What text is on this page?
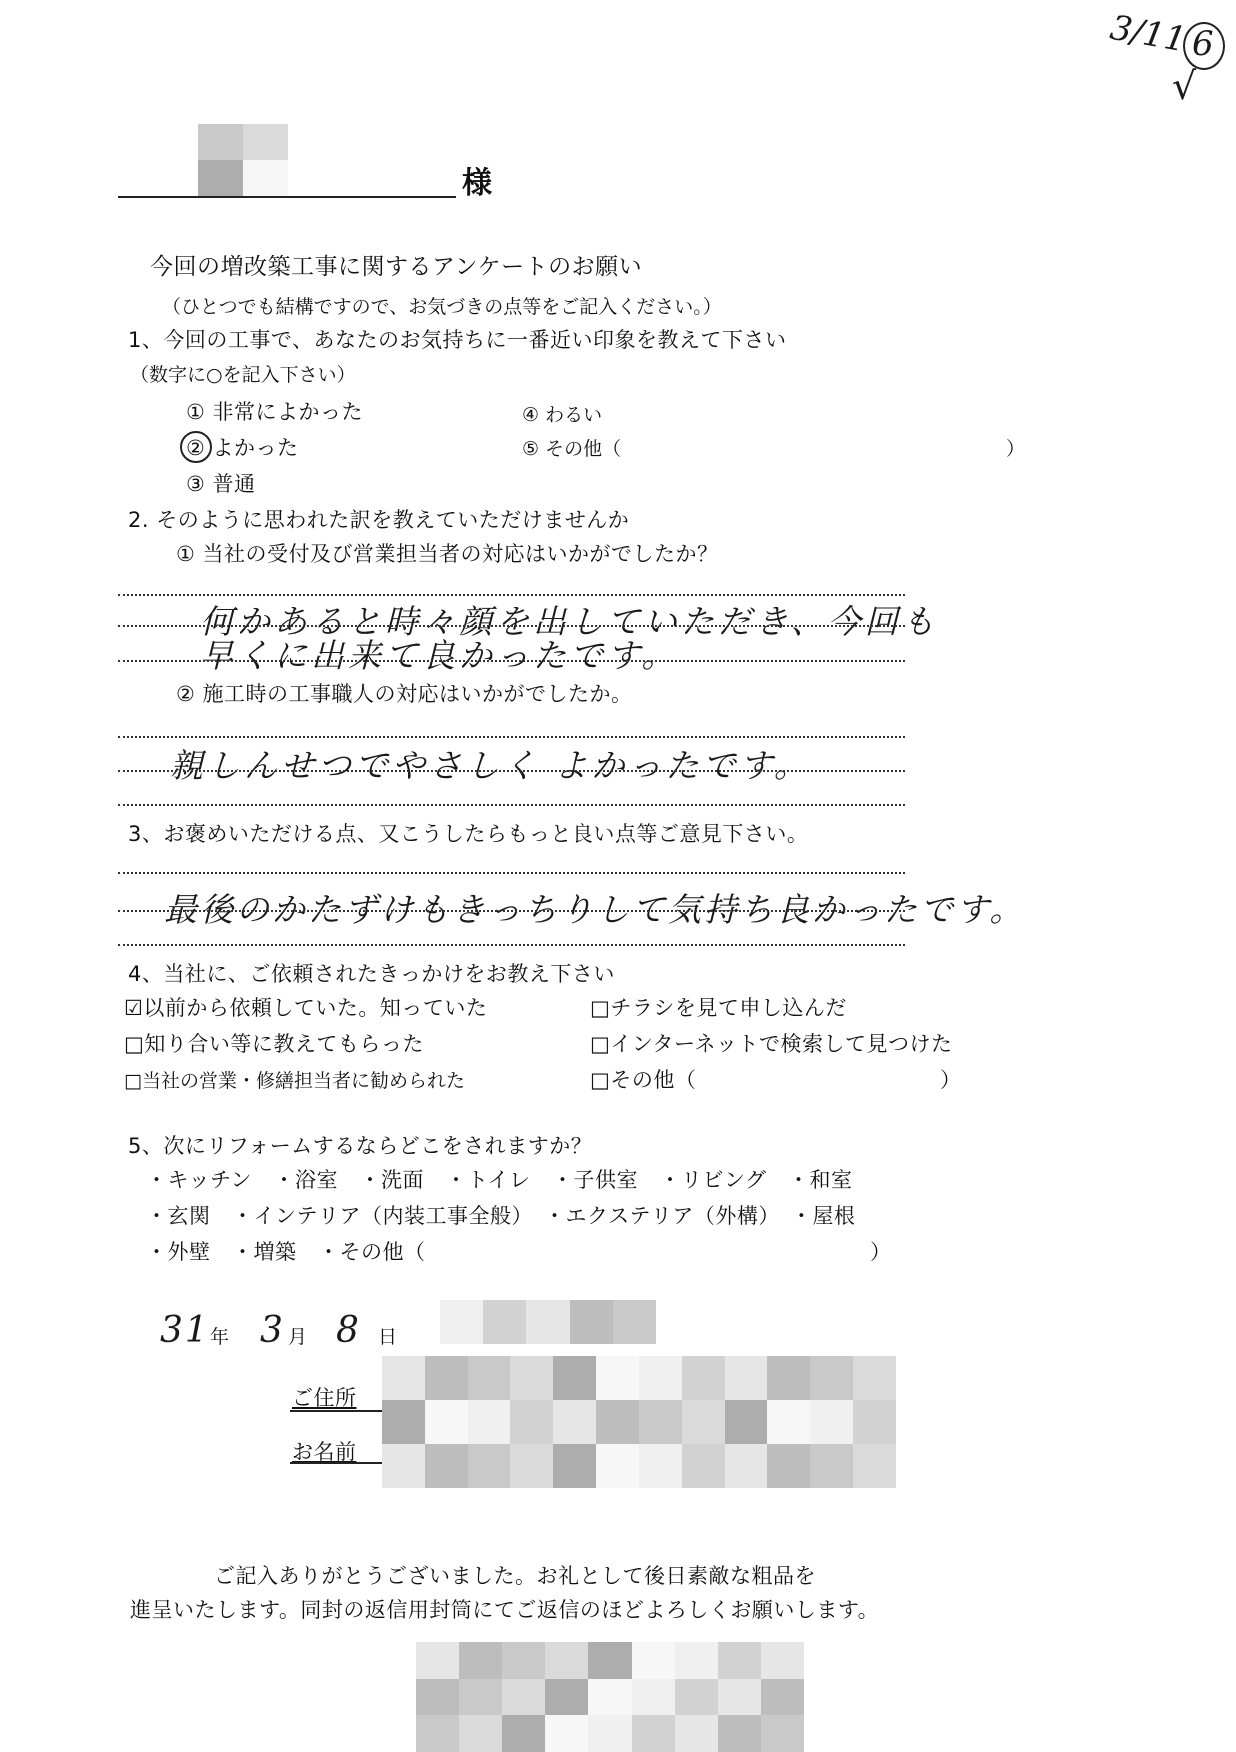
3/11 6
√
様
今回の増改築工事に関するアンケートのお願い
（ひとつでも結構ですので、お気づきの点等をご記入ください。）
1、今回の工事で、あなたのお気持ちに一番近い印象を教えて下さい
（数字に○を記入下さい）
① 非常によかった
② よかった
③ 普通
④ わるい
⑤ その他（	）
2. そのように思われた訳を教えていただけませんか
① 当社の受付及び営業担当者の対応はいかがでしたか？
何かあると時々顔を出していただき、今回も
早くに出来て良かったです。
② 施工時の工事職人の対応はいかがでしたか。
親しんせつでやさしく よかったです。
3、お褒めいただける点、又こうしたらもっと良い点等ご意見下さい。
最後のかたずけもきっちりして気持ち良かったです。
4、当社に、ご依頼されたきっかけをお教え下さい
☑以前から依頼していた。知っていた
□知り合い等に教えてもらった
□当社の営業・修繕担当者に勧められた
□チラシを見て申し込んだ
□インターネットで検索して見つけた
□その他（	）
5、次にリフォームするならどこをされますか？
・キッチン　・浴室　・洗面　・トイレ　・子供室　・リビング　・和室
・玄関　・インテリア（内装工事全般）　・エクステリア（外構）　・屋根
・外壁　・増築　・その他（	）
31 年 3 月 8 日
ご住所
お名前
ご記入ありがとうございました。お礼として後日素敵な粗品を
進呈いたします。同封の返信用封筒にてご返信のほどよろしくお願いします。
